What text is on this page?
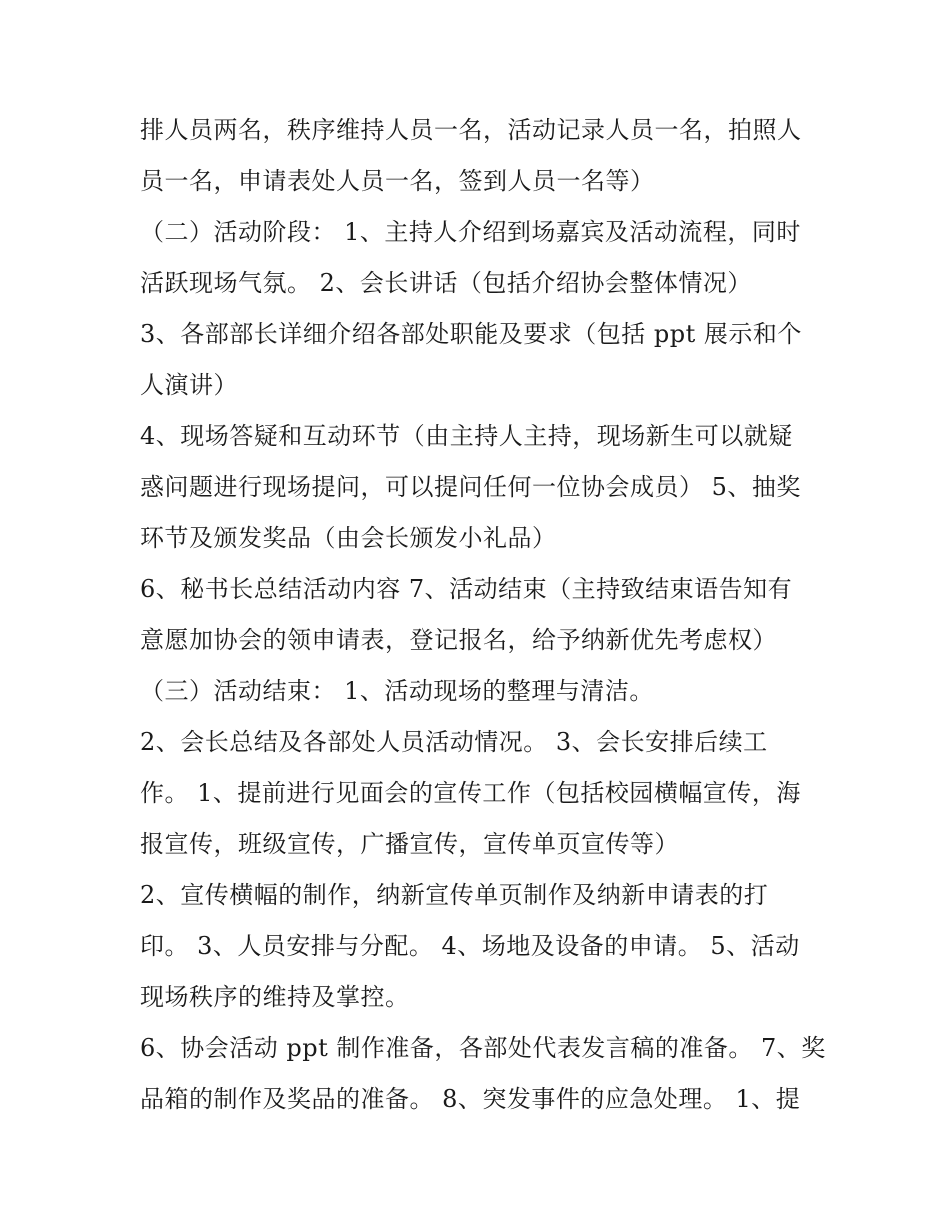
排人员两名，秩序维持人员一名，活动记录人员一名，拍照人
员一名，申请表处人员一名，签到人员一名等）
（二）活动阶段： 1、主持人介绍到场嘉宾及活动流程，同时
活跃现场气氛。 2、会长讲话（包括介绍协会整体情况）
3、各部部长详细介绍各部处职能及要求（包括 ppt 展示和个
人演讲）
4、现场答疑和互动环节（由主持人主持，现场新生可以就疑
惑问题进行现场提问，可以提问任何一位协会成员） 5、抽奖
环节及颁发奖品（由会长颁发小礼品）
6、秘书长总结活动内容 7、活动结束（主持致结束语告知有
意愿加协会的领申请表，登记报名，给予纳新优先考虑权）
（三）活动结束： 1、活动现场的整理与清洁。
2、会长总结及各部处人员活动情况。 3、会长安排后续工
作。 1、提前进行见面会的宣传工作（包括校园横幅宣传，海
报宣传，班级宣传，广播宣传，宣传单页宣传等）
2、宣传横幅的制作，纳新宣传单页制作及纳新申请表的打
印。 3、人员安排与分配。 4、场地及设备的申请。 5、活动
现场秩序的维持及掌控。
6、协会活动 ppt 制作准备，各部处代表发言稿的准备。 7、奖
品箱的制作及奖品的准备。 8、突发事件的应急处理。 1、提
